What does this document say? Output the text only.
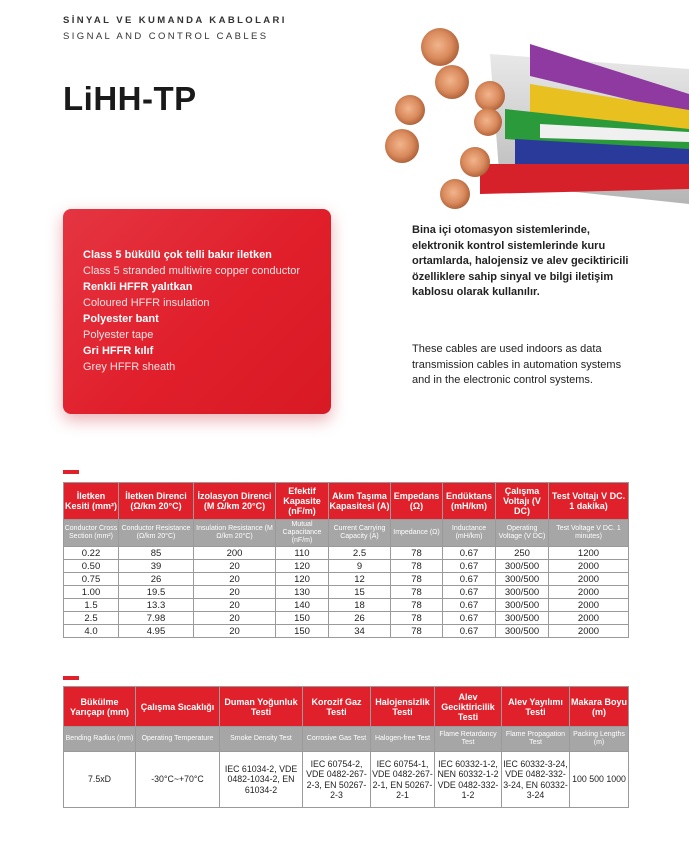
SİNYAL VE KUMANDA KABLOLARI
SIGNAL AND CONTROL CABLES
LiHH-TP
Class 5 bükülü çok telli bakır iletken
Class 5 stranded multiwire copper conductor
Renkli HFFR yalıtkan
Coloured HFFR insulation
Polyester bant
Polyester tape
Gri HFFR kılıf
Grey HFFR sheath
Bina içi otomasyon sistemlerinde, elektronik kontrol sistemlerinde kuru ortamlarda, halojensiz ve alev geciktiricili özelliklere sahip sinyal ve bilgi iletişim kablosu olarak kullanılır.
These cables are used indoors as data transmission cables in automation systems and in the electronic control systems.
İletken Kesiti (mm²)	İletken Direnci (Ω/km 20°C)	İzolasyon Direnci (M Ω/km 20°C)	Efektif Kapasite (nF/m)	Akım Taşıma Kapasitesi (A)	Empedans (Ω)	Endüktans (mH/km)	Çalışma Voltajı (V DC)	Test Voltajı V DC. 1 dakika)
Conductor Cross Section (mm²)	Conductor Resistance (Ω/km 20°C)	Insulation Resistance (M Ω/km 20°C)	Mutual Capacitance (nF/m)	Current Carrying Capacity (A)	Impedance (Ω)	Inductance (mH/km)	Operating Voltage (V DC)	Test Voltage V DC. 1 minutes)
0.22	85	200	110	2.5	78	0.67	250	1200
0.50	39	20	120	9	78	0.67	300/500	2000
0.75	26	20	120	12	78	0.67	300/500	2000
1.00	19.5	20	130	15	78	0.67	300/500	2000
1.5	13.3	20	140	18	78	0.67	300/500	2000
2.5	7.98	20	150	26	78	0.67	300/500	2000
4.0	4.95	20	150	34	78	0.67	300/500	2000
Bükülme Yarıçapı (mm)	Çalışma Sıcaklığı	Duman Yoğunluk Testi	Korozif Gaz Testi	Halojensizlik Testi	Alev Geciktiricilik Testi	Alev Yayılımı Testi	Makara Boyu (m)
Bending Radius (mm)	Operating Temperature	Smoke Density Test	Corrosive Gas Test	Halogen-free Test	Flame Retardancy Test	Flame Propagation Test	Packing Lengths (m)
7.5xD	-30°C~+70°C	IEC 61034-2, VDE 0482-1034-2, EN 61034-2	IEC 60754-2, VDE 0482-267-2-3, EN 50267-2-3	IEC 60754-1, VDE 0482-267-2-1, EN 50267-2-1	IEC 60332-1-2, NEN 60332-1-2 VDE 0482-332-1-2	IEC 60332-3-24, VDE 0482-332-3-24, EN 60332-3-24	100 500 1000
